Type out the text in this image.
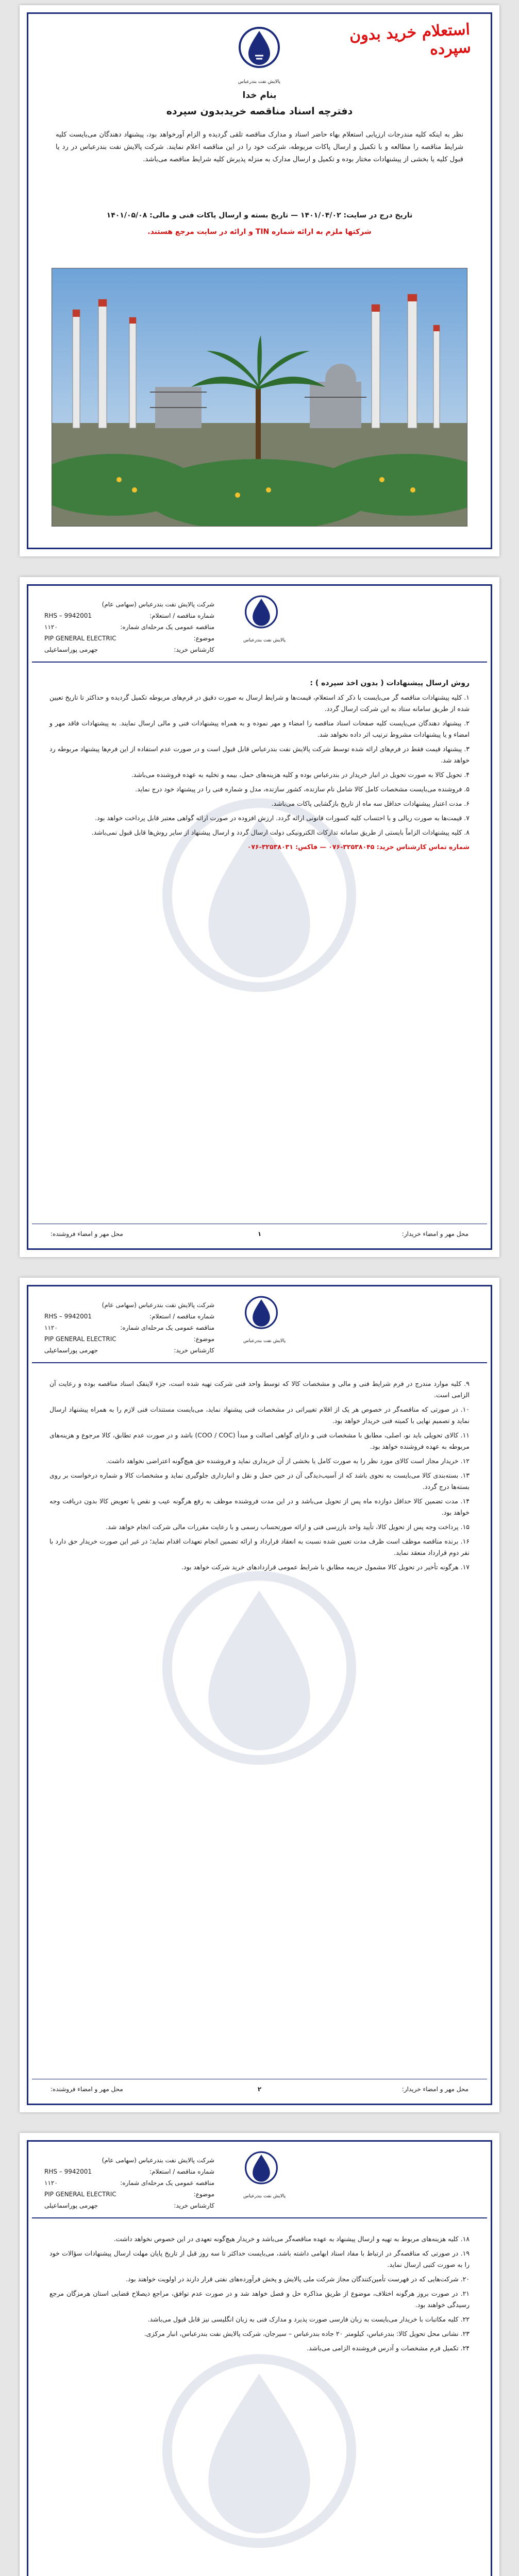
استعلام خرید بدون سپرده
پالایش نفت بندرعباس
بنام خدا
دفترچه اسناد مناقصه خریدبدون سپرده
نظر به اینکه کلیه مندرجات ارزیابی استعلام بهاء حاضر اسناد و مدارک مناقصه تلقی گردیده و الزام آورخواهد بود، پیشنهاد دهندگان می‌بایست کلیه شرایط مناقصه را مطالعه و با تکمیل و ارسال پاکات مربوطه، شرکت خود را در این مناقصه اعلام نمایند. شرکت پالایش نفت بندرعباس در رد یا قبول کلیه یا بخشی از پیشنهادات مختار بوده و تکمیل و ارسال مدارک به منزله پذیرش کلیه شرایط مناقصه می‌باشد.
تاریخ درج در سایت: ۱۴۰۱/۰۴/۰۲ — تاریخ بسته و ارسال پاکات فنی و مالی: ۱۴۰۱/۰۵/۰۸
شرکتها ملزم به ارائه شماره TIN و ارائه در سایت مرجع هستند.
شرکت پالایش نفت بندرعباس (سهامی عام)
شماره مناقصه / استعلام:
RHS – 9942001
مناقصه عمومی یک مرحله‌ای شماره:
۱۱۲۰
موضوع:
PIP GENERAL ELECTRIC
کارشناس خرید:
جهرمی پوراسماعیلی
پالایش نفت بندرعباس
روش ارسال پیشنهادات ( بدون اخذ سپرده ) :

۱. کلیه پیشنهادات مناقصه گر می‌بایست با ذکر کد استعلام، قیمت‌ها و شرایط ارسال به صورت دقیق در فرم‌های مربوطه تکمیل گردیده و حداکثر تا تاریخ تعیین شده از طریق سامانه ستاد به این شرکت ارسال گردد.

۲. پیشنهاد دهندگان می‌بایست کلیه صفحات اسناد مناقصه را امضاء و مهر نموده و به همراه پیشنهادات فنی و مالی ارسال نمایند. به پیشنهادات فاقد مهر و امضاء و یا پیشنهادات مشروط ترتیب اثر داده نخواهد شد.

۳. پیشنهاد قیمت فقط در فرم‌های ارائه شده توسط شرکت پالایش نفت بندرعباس قابل قبول است و در صورت عدم استفاده از این فرم‌ها پیشنهاد مربوطه رد خواهد شد.

۴. تحویل کالا به صورت تحویل در انبار خریدار در بندرعباس بوده و کلیه هزینه‌های حمل، بیمه و تخلیه به عهده فروشنده می‌باشد.

۵. فروشنده می‌بایست مشخصات کامل کالا شامل نام سازنده، کشور سازنده، مدل و شماره فنی را در پیشنهاد خود درج نماید.

۶. مدت اعتبار پیشنهادات حداقل سه ماه از تاریخ بازگشایی پاکات می‌باشد.

۷. قیمت‌ها به صورت ریالی و با احتساب کلیه کسورات قانونی ارائه گردد. ارزش افزوده در صورت ارائه گواهی معتبر قابل پرداخت خواهد بود.

۸. کلیه پیشنهادات الزاماً بایستی از طریق سامانه تدارکات الکترونیکی دولت ارسال گردد و ارسال پیشنهاد از سایر روش‌ها قابل قبول نمی‌باشد.

شماره تماس کارشناس خرید: ۳۲۵۳۸۰۴۵-۰۷۶ — فاکس: ۳۲۵۳۸۰۳۱-۰۷۶

محل مهر و امضاء خریدار:
۱
محل مهر و امضاء فروشنده:
شرکت پالایش نفت بندرعباس (سهامی عام)
شماره مناقصه / استعلام:
RHS – 9942001
مناقصه عمومی یک مرحله‌ای شماره:
۱۱۲۰
موضوع:
PIP GENERAL ELECTRIC
کارشناس خرید:
جهرمی پوراسماعیلی
پالایش نفت بندرعباس

۹. کلیه موارد مندرج در فرم شرایط فنی و مالی و مشخصات کالا که توسط واحد فنی شرکت تهیه شده است، جزء لاینفک اسناد مناقصه بوده و رعایت آن الزامی است.

۱۰. در صورتی که مناقصه‌گر در خصوص هر یک از اقلام تغییراتی در مشخصات فنی پیشنهاد نماید، می‌بایست مستندات فنی لازم را به همراه پیشنهاد ارسال نماید و تصمیم نهایی با کمیته فنی خریدار خواهد بود.

۱۱. کالای تحویلی باید نو، اصلی، مطابق با مشخصات فنی و دارای گواهی اصالت و مبدأ (COO / COC) باشد و در صورت عدم تطابق، کالا مرجوع و هزینه‌های مربوطه به عهده فروشنده خواهد بود.

۱۲. خریدار مجاز است کالای مورد نظر را به صورت کامل یا بخشی از آن خریداری نماید و فروشنده حق هیچ‌گونه اعتراضی نخواهد داشت.

۱۳. بسته‌بندی کالا می‌بایست به نحوی باشد که از آسیب‌دیدگی آن در حین حمل و نقل و انبارداری جلوگیری نماید و مشخصات کالا و شماره درخواست بر روی بسته‌ها درج گردد.

۱۴. مدت تضمین کالا حداقل دوازده ماه پس از تحویل می‌باشد و در این مدت فروشنده موظف به رفع هرگونه عیب و نقص یا تعویض کالا بدون دریافت وجه خواهد بود.

۱۵. پرداخت وجه پس از تحویل کالا، تأیید واحد بازرسی فنی و ارائه صورتحساب رسمی و با رعایت مقررات مالی شرکت انجام خواهد شد.

۱۶. برنده مناقصه موظف است ظرف مدت تعیین شده نسبت به انعقاد قرارداد و ارائه تضمین انجام تعهدات اقدام نماید؛ در غیر این صورت خریدار حق دارد با نفر دوم قرارداد منعقد نماید.

۱۷. هرگونه تأخیر در تحویل کالا مشمول جریمه مطابق با شرایط عمومی قراردادهای خرید شرکت خواهد بود.

محل مهر و امضاء خریدار:
۲
محل مهر و امضاء فروشنده:
شرکت پالایش نفت بندرعباس (سهامی عام)
شماره مناقصه / استعلام:
RHS – 9942001
مناقصه عمومی یک مرحله‌ای شماره:
۱۱۲۰
موضوع:
PIP GENERAL ELECTRIC
کارشناس خرید:
جهرمی پوراسماعیلی
پالایش نفت بندرعباس

۱۸. کلیه هزینه‌های مربوط به تهیه و ارسال پیشنهاد به عهده مناقصه‌گر می‌باشد و خریدار هیچ‌گونه تعهدی در این خصوص نخواهد داشت.

۱۹. در صورتی که مناقصه‌گر در ارتباط با مفاد اسناد ابهامی داشته باشد، می‌بایست حداکثر تا سه روز قبل از تاریخ پایان مهلت ارسال پیشنهادات سؤالات خود را به صورت کتبی ارسال نماید.

۲۰. شرکت‌هایی که در فهرست تأمین‌کنندگان مجاز شرکت ملی پالایش و پخش فرآورده‌های نفتی قرار دارند در اولویت خواهند بود.

۲۱. در صورت بروز هرگونه اختلاف، موضوع از طریق مذاکره حل و فصل خواهد شد و در صورت عدم توافق، مراجع ذیصلاح قضایی استان هرمزگان مرجع رسیدگی خواهند بود.

۲۲. کلیه مکاتبات با خریدار می‌بایست به زبان فارسی صورت پذیرد و مدارک فنی به زبان انگلیسی نیز قابل قبول می‌باشد.

۲۳. نشانی محل تحویل کالا: بندرعباس، کیلومتر ۲۰ جاده بندرعباس – سیرجان، شرکت پالایش نفت بندرعباس، انبار مرکزی.

۲۴. تکمیل فرم مشخصات و آدرس فروشنده الزامی می‌باشد.
